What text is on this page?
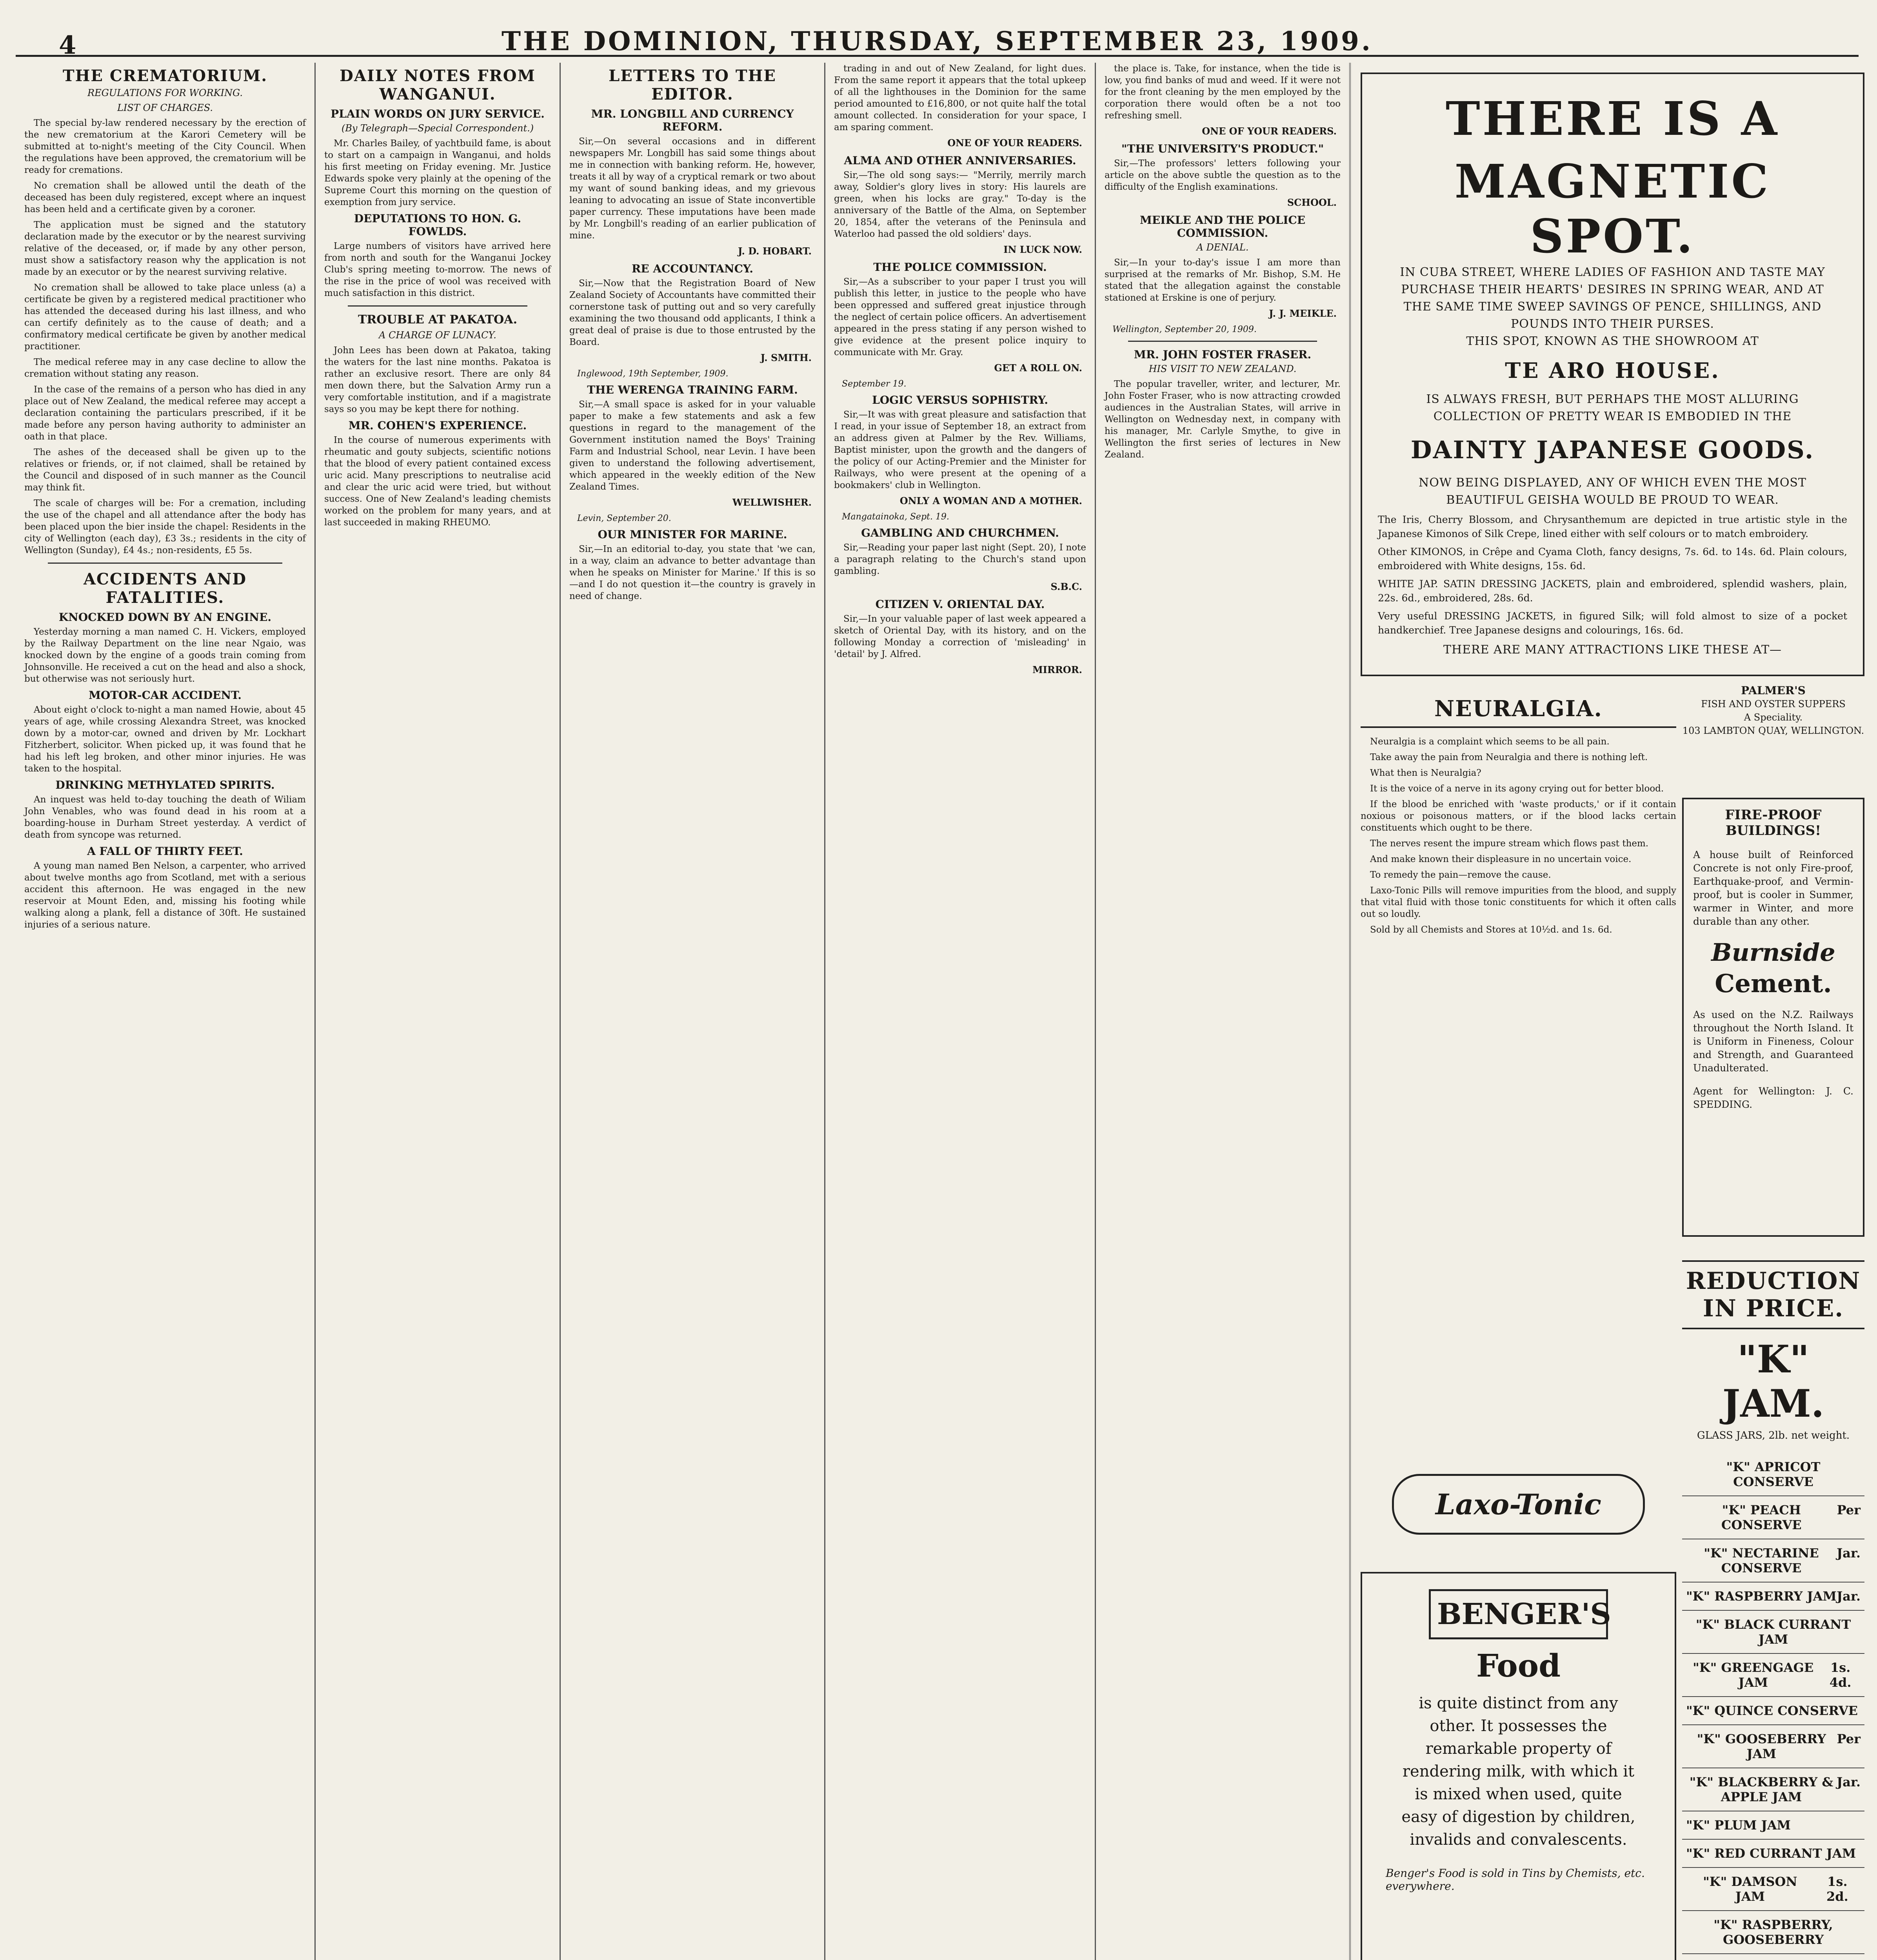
4	THE DOMINION, THURSDAY, SEPTEMBER 23, 1909.
THE CREMATORIUM.
REGULATIONS FOR WORKING.
LIST OF CHARGES.

The special by-law rendered necessary by the erection of the new crematorium at the Karori Cemetery will be submitted at to-night's meeting of the City Council. When the regulations have been approved, the crematorium will be ready for cremations.

No cremation shall be allowed until the death of the deceased has been duly registered, except where an inquest has been held and a certificate given by a coroner.

The application must be signed and the statutory declaration made by the executor or by the nearest surviving relative of the deceased, or, if made by any other person, must show a satisfactory reason why the application is not made by an executor or by the nearest surviving relative.

No cremation shall be allowed to take place unless (a) a certificate be given by a registered medical practitioner who has attended the deceased during his last illness, and who can certify definitely as to the cause of death; and a confirmatory medical certificate be given by another medical practitioner.

The medical referee may in any case decline to allow the cremation without stating any reason.

In the case of the remains of a person who has died in any place out of New Zealand, the medical referee may accept a declaration containing the particulars prescribed, if it be made before any person having authority to administer an oath in that place.

The ashes of the deceased shall be given up to the relatives or friends, or, if not claimed, shall be retained by the Council and disposed of in such manner as the Council may think fit.

The scale of charges will be: For a cremation, including the use of the chapel and all attendance after the body has been placed upon the bier inside the chapel: Residents in the city of Wellington (each day), £3 3s.; residents in the city of Wellington (Sunday), £4 4s.; non-residents, £5 5s.

ACCIDENTS AND FATALITIES.
KNOCKED DOWN BY AN ENGINE.

Yesterday morning a man named C. H. Vickers, employed by the Railway Department on the line near Ngaio, was knocked down by the engine of a goods train coming from Johnsonville. He received a cut on the head and also a shock, but otherwise was not seriously hurt.

MOTOR-CAR ACCIDENT.

About eight o'clock to-night a man named Howie, about 45 years of age, while crossing Alexandra Street, was knocked down by a motor-car, owned and driven by Mr. Lockhart Fitzherbert, solicitor. When picked up, it was found that he had his left leg broken, and other minor injuries. He was taken to the hospital.

DRINKING METHYLATED SPIRITS.

An inquest was held to-day touching the death of Wiliam John Venables, who was found dead in his room at a boarding-house in Durham Street yesterday. A verdict of death from syncope was returned.

A FALL OF THIRTY FEET.

A young man named Ben Nelson, a carpenter, who arrived about twelve months ago from Scotland, met with a serious accident this afternoon. He was engaged in the new reservoir at Mount Eden, and, missing his footing while walking along a plank, fell a distance of 30ft. He sustained injuries of a serious nature.

DAILY NOTES FROM WANGANUI.
PLAIN WORDS ON JURY SERVICE.
(By Telegraph—Special Correspondent.)

Mr. Charles Bailey, of yachtbuild fame, is about to start on a campaign in Wanganui, and holds his first meeting on Friday evening. Mr. Justice Edwards spoke very plainly at the opening of the Supreme Court this morning on the question of exemption from jury service.

DEPUTATIONS TO HON. G. FOWLDS.

Large numbers of visitors have arrived here from north and south for the Wanganui Jockey Club's spring meeting to-morrow. The news of the rise in the price of wool was received with much satisfaction in this district.

TROUBLE AT PAKATOA.
A CHARGE OF LUNACY.

John Lees has been down at Pakatoa, taking the waters for the last nine months. Pakatoa is rather an exclusive resort. There are only 84 men down there, but the Salvation Army run a very comfortable institution, and if a magistrate says so you may be kept there for nothing.

MR. COHEN'S EXPERIENCE.

In the course of numerous experiments with rheumatic and gouty subjects, scientific notions that the blood of every patient contained excess uric acid. Many prescriptions to neutralise acid and clear the uric acid were tried, but without success. One of New Zealand's leading chemists worked on the problem for many years, and at last succeeded in making RHEUMO.

LETTERS TO THE EDITOR.
MR. LONGBILL AND CURRENCY REFORM.

Sir,—On several occasions and in different newspapers Mr. Longbill has said some things about me in connection with banking reform. He, however, treats it all by way of a cryptical remark or two about my want of sound banking ideas, and my grievous leaning to advocating an issue of State inconvertible paper currency. These imputations have been made by Mr. Longbill's reading of an earlier publication of mine.

J. D. HOBART.
RE ACCOUNTANCY.

Sir,—Now that the Registration Board of New Zealand Society of Accountants have committed their cornerstone task of putting out and so very carefully examining the two thousand odd applicants, I think a great deal of praise is due to those entrusted by the Board.

J. SMITH.
Inglewood, 19th September, 1909.
THE WERENGA TRAINING FARM.

Sir,—A small space is asked for in your valuable paper to make a few statements and ask a few questions in regard to the management of the Government institution named the Boys' Training Farm and Industrial School, near Levin. I have been given to understand the following advertisement, which appeared in the weekly edition of the New Zealand Times.

WELLWISHER.
Levin, September 20.
OUR MINISTER FOR MARINE.

Sir,—In an editorial to-day, you state that 'we can, in a way, claim an advance to better advantage than when he speaks on Minister for Marine.' If this is so—and I do not question it—the country is gravely in need of change.

trading in and out of New Zealand, for light dues. From the same report it appears that the total upkeep of all the lighthouses in the Dominion for the same period amounted to £16,800, or not quite half the total amount collected. In consideration for your space, I am sparing comment.

ONE OF YOUR READERS.
ALMA AND OTHER ANNIVERSARIES.

Sir,—The old song says:— "Merrily, merrily march away, Soldier's glory lives in story: His laurels are green, when his locks are gray." To-day is the anniversary of the Battle of the Alma, on September 20, 1854, after the veterans of the Peninsula and Waterloo had passed the old soldiers' days.

IN LUCK NOW.
THE POLICE COMMISSION.

Sir,—As a subscriber to your paper I trust you will publish this letter, in justice to the people who have been oppressed and suffered great injustice through the neglect of certain police officers. An advertisement appeared in the press stating if any person wished to give evidence at the present police inquiry to communicate with Mr. Gray.

GET A ROLL ON.
September 19.
LOGIC VERSUS SOPHISTRY.

Sir,—It was with great pleasure and satisfaction that I read, in your issue of September 18, an extract from an address given at Palmer by the Rev. Williams, Baptist minister, upon the growth and the dangers of the policy of our Acting-Premier and the Minister for Railways, who were present at the opening of a bookmakers' club in Wellington.

ONLY A WOMAN AND A MOTHER.
Mangatainoka, Sept. 19.
GAMBLING AND CHURCHMEN.

Sir,—Reading your paper last night (Sept. 20), I note a paragraph relating to the Church's stand upon gambling.

S.B.C.
CITIZEN V. ORIENTAL DAY.

Sir,—In your valuable paper of last week appeared a sketch of Oriental Day, with its history, and on the following Monday a correction of 'misleading' in 'detail' by J. Alfred.

MIRROR.

the place is. Take, for instance, when the tide is low, you find banks of mud and weed. If it were not for the front cleaning by the men employed by the corporation there would often be a not too refreshing smell.

ONE OF YOUR READERS.
"THE UNIVERSITY'S PRODUCT."

Sir,—The professors' letters following your article on the above subtle the question as to the difficulty of the English examinations.

SCHOOL.
MEIKLE AND THE POLICE COMMISSION.
A DENIAL.

Sir,—In your to-day's issue I am more than surprised at the remarks of Mr. Bishop, S.M. He stated that the allegation against the constable stationed at Erskine is one of perjury.

J. J. MEIKLE.
Wellington, September 20, 1909.
MR. JOHN FOSTER FRASER.
HIS VISIT TO NEW ZEALAND.

The popular traveller, writer, and lecturer, Mr. John Foster Fraser, who is now attracting crowded audiences in the Australian States, will arrive in Wellington on Wednesday next, in company with his manager, Mr. Carlyle Smythe, to give in Wellington the first series of lectures in New Zealand.

THERE IS A
MAGNETIC SPOT.
IN CUBA STREET, WHERE LADIES OF FASHION AND TASTE MAY
PURCHASE THEIR HEARTS' DESIRES IN SPRING WEAR, AND AT
THE SAME TIME SWEEP SAVINGS OF PENCE, SHILLINGS, AND
POUNDS INTO THEIR PURSES.
THIS SPOT, KNOWN AS THE SHOWROOM AT
TE ARO HOUSE.
IS ALWAYS FRESH, BUT PERHAPS THE MOST ALLURING
COLLECTION OF PRETTY WEAR IS EMBODIED IN THE
DAINTY JAPANESE GOODS.
NOW BEING DISPLAYED, ANY OF WHICH EVEN THE MOST
BEAUTIFUL GEISHA WOULD BE PROUD TO WEAR.
The Iris, Cherry Blossom, and Chrysanthemum are depicted in true artistic style in the Japanese Kimonos of Silk Crepe, lined either with self colours or to match embroidery.
Other KIMONOS, in Crêpe and Cyama Cloth, fancy designs, 7s. 6d. to 14s. 6d. Plain colours, embroidered with White designs, 15s. 6d.
WHITE JAP. SATIN DRESSING JACKETS, plain and embroidered, splendid washers, plain, 22s. 6d., embroidered, 28s. 6d.
Very useful DRESSING JACKETS, in figured Silk; will fold almost to size of a pocket handkerchief. Tree Japanese designs and colourings, 16s. 6d.
THERE ARE MANY ATTRACTIONS LIKE THESE AT—
NEURALGIA.

Neuralgia is a complaint which seems to be all pain.

Take away the pain from Neuralgia and there is nothing left.

What then is Neuralgia?

It is the voice of a nerve in its agony crying out for better blood.

If the blood be enriched with 'waste products,' or if it contain noxious or poisonous matters, or if the blood lacks certain constituents which ought to be there.

The nerves resent the impure stream which flows past them.

And make known their displeasure in no uncertain voice.

To remedy the pain—remove the cause.

Laxo-Tonic Pills will remove impurities from the blood, and supply that vital fluid with those tonic constituents for which it often calls out so loudly.

Sold by all Chemists and Stores at 10½d. and 1s. 6d.

Laxo-Tonic
BENGER'S
Food
is quite distinct from any other. It possesses the remarkable property of rendering milk, with which it is mixed when used, quite easy of digestion by children, invalids and convalescents.
Benger's Food is sold in Tins by Chemists, etc. everywhere.
PALMER'S
FISH AND OYSTER SUPPERS
A Speciality.
103 LAMBTON QUAY, WELLINGTON.
FIRE-PROOF BUILDINGS!

A house built of Reinforced Concrete is not only Fire-proof, Earthquake-proof, and Vermin-proof, but is cooler in Summer, warmer in Winter, and more durable than any other.

Burnside
Cement.

As used on the N.Z. Railways throughout the North Island. It is Uniform in Fineness, Colour and Strength, and Guaranteed Unadulterated.

Agent for Wellington: J. C. SPEDDING.

REDUCTION IN PRICE.
"K" JAM.
GLASS JARS, 2lb. net weight.
"K" APRICOT CONSERVE
"K" PEACH CONSERVE
Per
"K" NECTARINE CONSERVE
Jar.
"K" RASPBERRY JAM Jar.
"K" BLACK CURRANT JAM
"K" GREENGAGE JAM
1s. 4d.
"K" QUINCE CONSERVE
"K" GOOSEBERRY JAM
Per
"K" BLACKBERRY & APPLE JAM
Jar.
"K" PLUM JAM
"K" RED CURRANT JAM
"K" DAMSON JAM
1s. 2d.
"K" RASPBERRY, GOOSEBERRY
